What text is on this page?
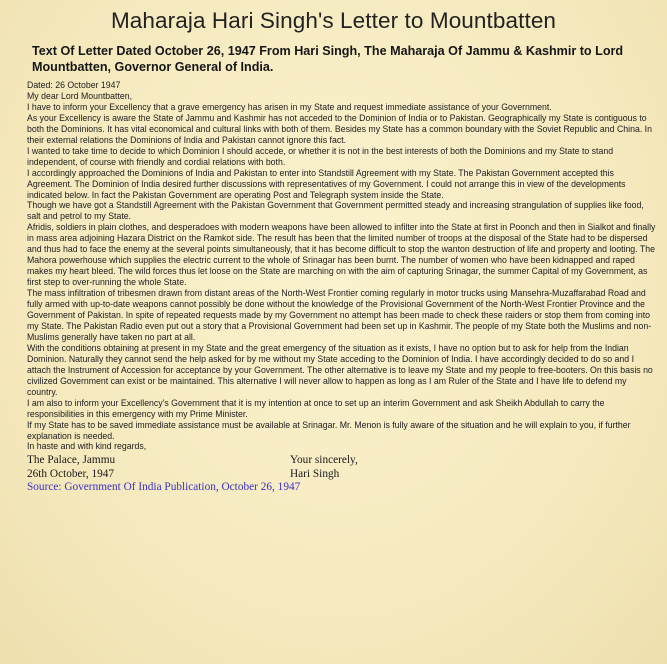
Maharaja Hari Singh's Letter to Mountbatten
Text Of Letter Dated October 26, 1947 From Hari Singh, The Maharaja Of Jammu & Kashmir to Lord Mountbatten, Governor General of India.

Dated: 26 October 1947

My dear Lord Mountbatten,

I have to inform your Excellency that a grave emergency has arisen in my State and request immediate assistance of your Government.

As your Excellency is aware the State of Jammu and Kashmir has not acceded to the Dominion of India or to Pakistan. Geographically my State is contiguous to both the Dominions. It has vital economical and cultural links with both of them. Besides my State has a common boundary with the Soviet Republic and China. In their external relations the Dominions of India and Pakistan cannot ignore this fact.

I wanted to take time to decide to which Dominion I should accede, or whether it is not in the best interests of both the Dominions and my State to stand independent, of course with friendly and cordial relations with both.

I accordingly approached the Dominions of India and Pakistan to enter into Standstill Agreement with my State. The Pakistan Government accepted this Agreement. The Dominion of India desired further discussions with representatives of my Government. I could not arrange this in view of the developments indicated below. In fact the Pakistan Government are operating Post and Telegraph system inside the State.

Though we have got a Standstill Agreement with the Pakistan Government that Government permitted steady and increasing strangulation of supplies like food, salt and petrol to my State.

Afridis, soldiers in plain clothes, and desperadoes with modern weapons have been allowed to infilter into the State at first in Poonch and then in Sialkot and finally in mass area adjoining Hazara District on the Ramkot side. The result has been that the limited number of troops at the disposal of the State had to be dispersed and thus had to face the enemy at the several points simultaneously, that it has become difficult to stop the wanton destruction of life and property and looting. The Mahora powerhouse which supplies the electric current to the whole of Srinagar has been burnt. The number of women who have been kidnapped and raped makes my heart bleed. The wild forces thus let loose on the State are marching on with the aim of capturing Srinagar, the summer Capital of my Government, as first step to over-running the whole State.

The mass infiltration of tribesmen drawn from distant areas of the North-West Frontier coming regularly in motor trucks using Mansehra-Muzaffarabad Road and fully armed with up-to-date weapons cannot possibly be done without the knowledge of the Provisional Government of the North-West Frontier Province and the Government of Pakistan. In spite of repeated requests made by my Government no attempt has been made to check these raiders or stop them from coming into my State. The Pakistan Radio even put out a story that a Provisional Government had been set up in Kashmir. The people of my State both the Muslims and non-Muslims generally have taken no part at all.

With the conditions obtaining at present in my State and the great emergency of the situation as it exists, I have no option but to ask for help from the Indian Dominion. Naturally they cannot send the help asked for by me without my State acceding to the Dominion of India. I have accordingly decided to do so and I attach the Instrument of Accession for acceptance by your Government. The other alternative is to leave my State and my people to free-booters. On this basis no civilized Government can exist or be maintained. This alternative I will never allow to happen as long as I am Ruler of the State and I have life to defend my country.

I am also to inform your Excellency's Government that it is my intention at once to set up an interim Government and ask Sheikh Abdullah to carry the responsibilities in this emergency with my Prime Minister.

If my State has to be saved immediate assistance must be available at Srinagar. Mr. Menon is fully aware of the situation and he will explain to you, if further explanation is needed.

In haste and with kind regards,

The Palace, Jammu
26th October, 1947
Your sincerely,
Hari Singh
Source: Government Of India Publication, October 26, 1947
